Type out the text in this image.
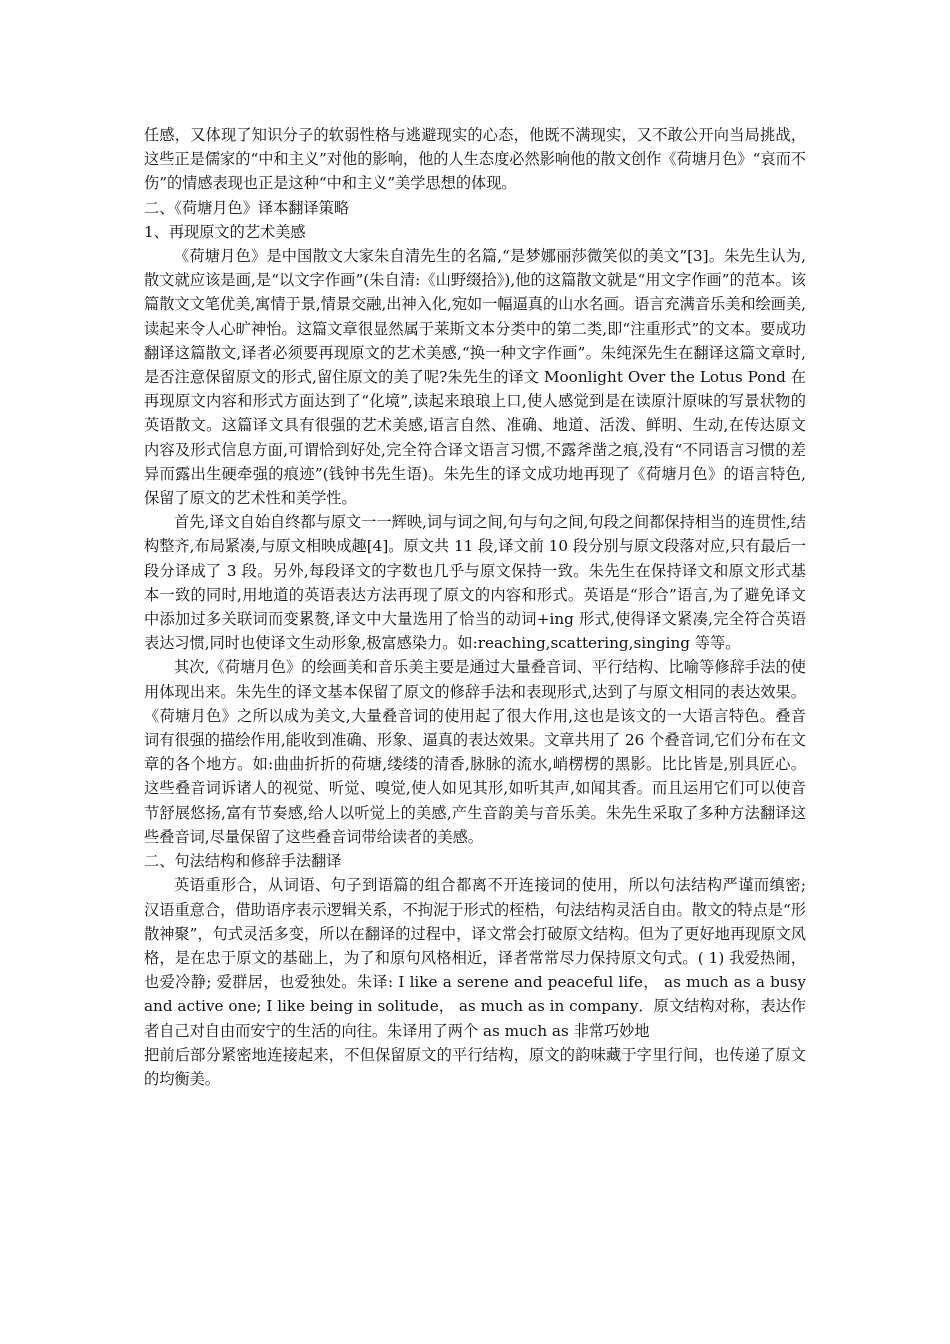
任感，又体现了知识分子的软弱性格与逃避现实的心态，他既不满现实，又不敢公开向当局挑战，这些正是儒家的“中和主义”对他的影响，他的人生态度必然影响他的散文创作《荷塘月色》“哀而不伤”的情感表现也正是这种“中和主义”美学思想的体现。

二、《荷塘月色》译本翻译策略

1、再现原文的艺术美感

《荷塘月色》是中国散文大家朱自清先生的名篇,“是梦娜丽莎微笑似的美文”[3]。朱先生认为,散文就应该是画,是“以文字作画”(朱自清:《山野缀拾》),他的这篇散文就是“用文字作画”的范本。该篇散文文笔优美,寓情于景,情景交融,出神入化,宛如一幅逼真的山水名画。语言充满音乐美和绘画美,读起来令人心旷神怡。这篇文章很显然属于莱斯文本分类中的第二类,即“注重形式”的文本。要成功翻译这篇散文,译者必须要再现原文的艺术美感,“换一种文字作画”。朱纯深先生在翻译这篇文章时,是否注意保留原文的形式,留住原文的美了呢?朱先生的译文 Moonlight Over the Lotus Pond 在再现原文内容和形式方面达到了“化境”,读起来琅琅上口,使人感觉到是在读原汁原味的写景状物的英语散文。这篇译文具有很强的艺术美感,语言自然、准确、地道、活泼、鲜明、生动,在传达原文内容及形式信息方面,可谓恰到好处,完全符合译文语言习惯,不露斧凿之痕,没有“不同语言习惯的差异而露出生硬牵强的痕迹”(钱钟书先生语)。朱先生的译文成功地再现了《荷塘月色》的语言特色,保留了原文的艺术性和美学性。

首先,译文自始自终都与原文一一辉映,词与词之间,句与句之间,句段之间都保持相当的连贯性,结构整齐,布局紧凑,与原文相映成趣[4]。原文共 11 段,译文前 10 段分别与原文段落对应,只有最后一段分译成了 3 段。另外,每段译文的字数也几乎与原文保持一致。朱先生在保持译文和原文形式基本一致的同时,用地道的英语表达方法再现了原文的内容和形式。英语是“形合”语言,为了避免译文中添加过多关联词而变累赘,译文中大量选用了恰当的动词+ing 形式,使得译文紧凑,完全符合英语表达习惯,同时也使译文生动形象,极富感染力。如:reaching,scattering,singing 等等。

其次,《荷塘月色》的绘画美和音乐美主要是通过大量叠音词、平行结构、比喻等修辞手法的使用体现出来。朱先生的译文基本保留了原文的修辞手法和表现形式,达到了与原文相同的表达效果。《荷塘月色》之所以成为美文,大量叠音词的使用起了很大作用,这也是该文的一大语言特色。叠音词有很强的描绘作用,能收到准确、形象、逼真的表达效果。文章共用了 26 个叠音词,它们分布在文章的各个地方。如:曲曲折折的荷塘,缕缕的清香,脉脉的流水,峭楞楞的黑影。比比皆是,别具匠心。这些叠音词诉诸人的视觉、听觉、嗅觉,使人如见其形,如听其声,如闻其香。而且运用它们可以使音节舒展悠扬,富有节奏感,给人以听觉上的美感,产生音韵美与音乐美。朱先生采取了多种方法翻译这些叠音词,尽量保留了这些叠音词带给读者的美感。

二、句法结构和修辞手法翻译

英语重形合，从词语、句子到语篇的组合都离不开连接词的使用，所以句法结构严谨而缜密; 汉语重意合，借助语序表示逻辑关系，不拘泥于形式的桎梏，句法结构灵活自由。散文的特点是“形散神聚”，句式灵活多变，所以在翻译的过程中，译文常会打破原文结构。但为了更好地再现原文风格，是在忠于原文的基础上，为了和原句风格相近，译者常常尽力保持原文句式。( 1) 我爱热闹，也爱冷静; 爱群居，也爱独处。朱译: I like a serene and peaceful life， as much as a busy and active one; I like being in solitude， as much as in company．原文结构对称，表达作者自己对自由而安宁的生活的向往。朱译用了两个 as much as 非常巧妙地

把前后部分紧密地连接起来，不但保留原文的平行结构，原文的韵味藏于字里行间，也传递了原文的均衡美。
